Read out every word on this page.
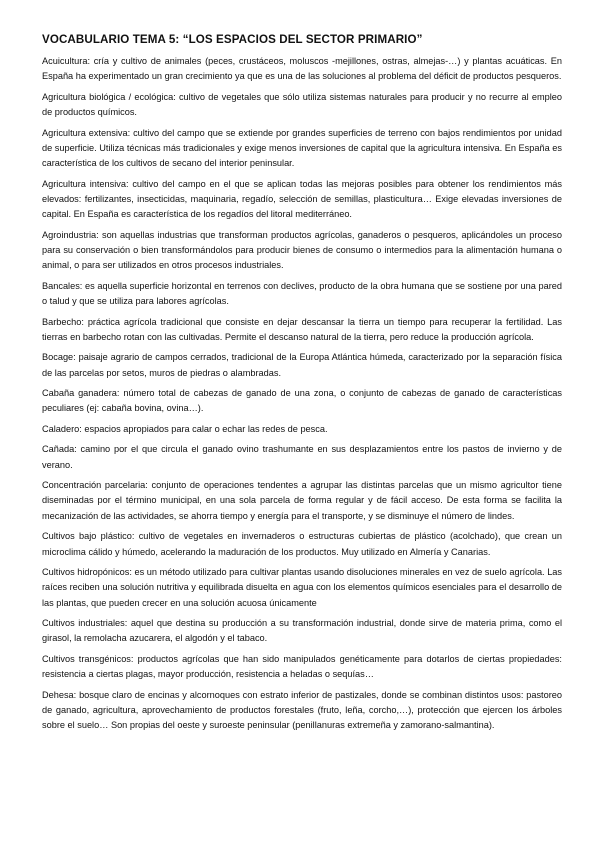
VOCABULARIO TEMA 5: “LOS ESPACIOS DEL SECTOR PRIMARIO”

Acuicultura: cría y cultivo de animales (peces, crustáceos, moluscos -mejillones, ostras, almejas-…) y plantas acuáticas. En España ha experimentado un gran crecimiento ya que es una de las soluciones al problema del déficit de productos pesqueros.

Agricultura biológica / ecológica: cultivo de vegetales que sólo utiliza sistemas naturales para producir y no recurre al empleo de productos químicos.

Agricultura extensiva: cultivo del campo que se extiende por grandes superficies de terreno con bajos rendimientos por unidad de superficie. Utiliza técnicas más tradicionales y exige menos inversiones de capital que la agricultura intensiva. En España es característica de los cultivos de secano del interior peninsular.

Agricultura intensiva: cultivo del campo en el que se aplican todas las mejoras posibles para obtener los rendimientos más elevados: fertilizantes, insecticidas, maquinaria, regadío, selección de semillas, plasticultura… Exige elevadas inversiones de capital. En España es característica de los regadíos del litoral mediterráneo.

Agroindustria: son aquellas industrias que transforman productos agrícolas, ganaderos o pesqueros, aplicándoles un proceso para su conservación o bien transformándolos para producir bienes de consumo o intermedios para la alimentación humana o animal, o para ser utilizados en otros procesos industriales.

Bancales: es aquella superficie horizontal en terrenos con declives, producto de la obra humana que se sostiene por una pared o talud y que se utiliza para labores agrícolas.

Barbecho: práctica agrícola tradicional que consiste en dejar descansar la tierra un tiempo para recuperar la fertilidad. Las tierras en barbecho rotan con las cultivadas. Permite el descanso natural de la tierra, pero reduce la producción agrícola.

Bocage: paisaje agrario de campos cerrados, tradicional de la Europa Atlántica húmeda, caracterizado por la separación física de las parcelas por setos, muros de piedras o alambradas.

Cabaña ganadera: número total de cabezas de ganado de una zona, o conjunto de cabezas de ganado de características peculiares (ej: cabaña bovina, ovina…).

Caladero: espacios apropiados para calar o echar las redes de pesca.

Cañada: camino por el que circula el ganado ovino trashumante en sus desplazamientos entre los pastos de invierno y de verano.

Concentración parcelaria: conjunto de operaciones tendentes a agrupar las distintas parcelas que un mismo agricultor tiene diseminadas por el término municipal, en una sola parcela de forma regular y de fácil acceso. De esta forma se facilita la mecanización de las actividades, se ahorra tiempo y energía para el transporte, y se disminuye el número de lindes.

Cultivos bajo plástico: cultivo de vegetales en invernaderos o estructuras cubiertas de plástico (acolchado), que crean un microclima cálido y húmedo, acelerando la maduración de los productos. Muy utilizado en Almería y Canarias.

Cultivos hidropónicos: es un método utilizado para cultivar plantas usando disoluciones minerales en vez de suelo agrícola. Las raíces reciben una solución nutritiva y equilibrada disuelta en agua con los elementos químicos esenciales para el desarrollo de las plantas, que pueden crecer en una solución acuosa únicamente

Cultivos industriales: aquel que destina su producción a su transformación industrial, donde sirve de materia prima, como el girasol, la remolacha azucarera, el algodón y el tabaco.

Cultivos transgénicos: productos agrícolas que han sido manipulados genéticamente para dotarlos de ciertas propiedades: resistencia a ciertas plagas, mayor producción, resistencia a heladas o sequías…

Dehesa: bosque claro de encinas y alcornoques con estrato inferior de pastizales, donde se combinan distintos usos: pastoreo de ganado, agricultura, aprovechamiento de productos forestales (fruto, leña, corcho,…), protección que ejercen los árboles sobre el suelo… Son propias del oeste y suroeste peninsular (penillanuras extremeña y zamorano-salmantina).
